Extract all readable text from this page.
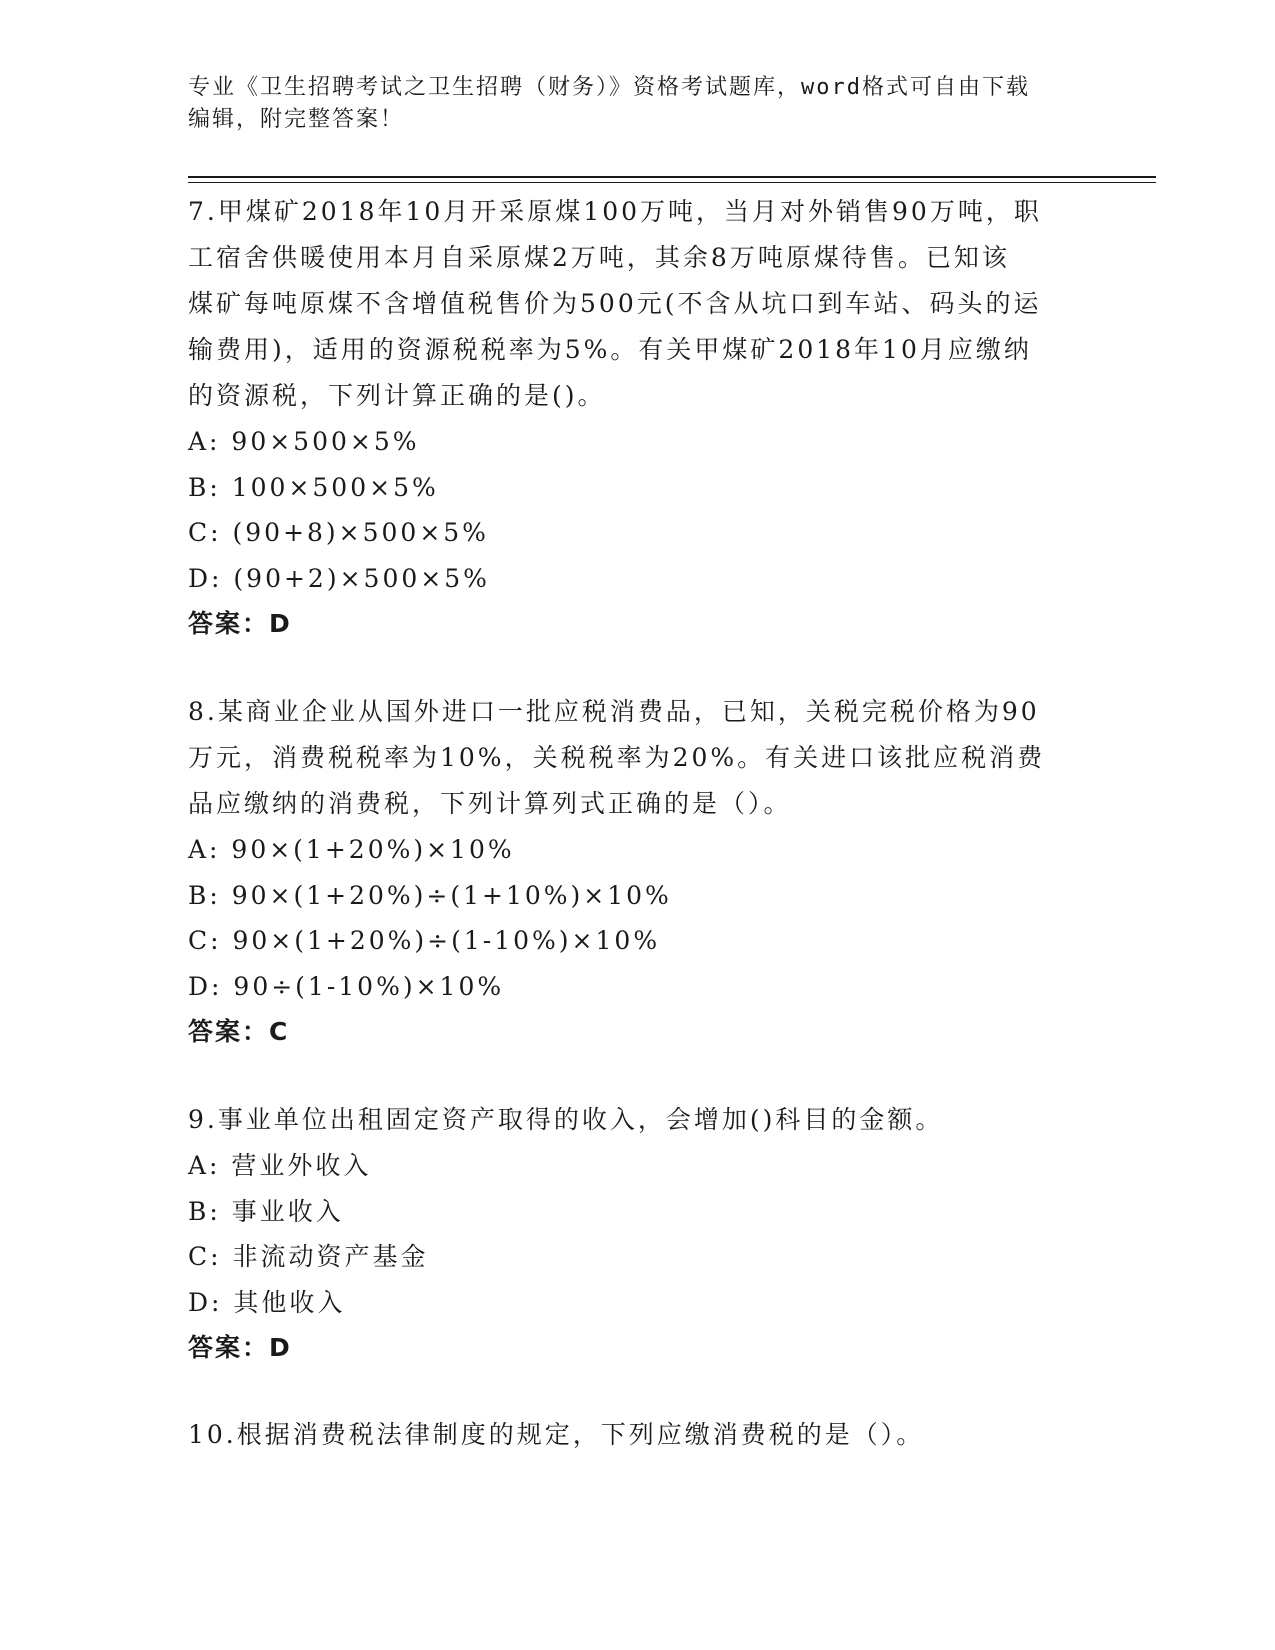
专业《卫生招聘考试之卫生招聘（财务）》资格考试题库，word格式可自由下载
编辑，附完整答案！

7.甲煤矿2018年10月开采原煤100万吨，当月对外销售90万吨，职

工宿舍供暖使用本月自采原煤2万吨，其余8万吨原煤待售。已知该

煤矿每吨原煤不含增值税售价为500元(不含从坑口到车站、码头的运

输费用)，适用的资源税税率为5%。有关甲煤矿2018年10月应缴纳

的资源税，下列计算正确的是()。

A: 90×500×5%

B: 100×500×5%

C: (90+8)×500×5%

D: (90+2)×500×5%

答案：D

8.某商业企业从国外进口一批应税消费品，已知，关税完税价格为90

万元，消费税税率为10%，关税税率为20%。有关进口该批应税消费

品应缴纳的消费税，下列计算列式正确的是（）。

A: 90×(1+20%)×10%

B: 90×(1+20%)÷(1+10%)×10%

C: 90×(1+20%)÷(1-10%)×10%

D: 90÷(1-10%)×10%

答案：C

9.事业单位出租固定资产取得的收入，会增加()科目的金额。

A: 营业外收入

B: 事业收入

C: 非流动资产基金

D: 其他收入

答案：D

10.根据消费税法律制度的规定，下列应缴消费税的是（）。
